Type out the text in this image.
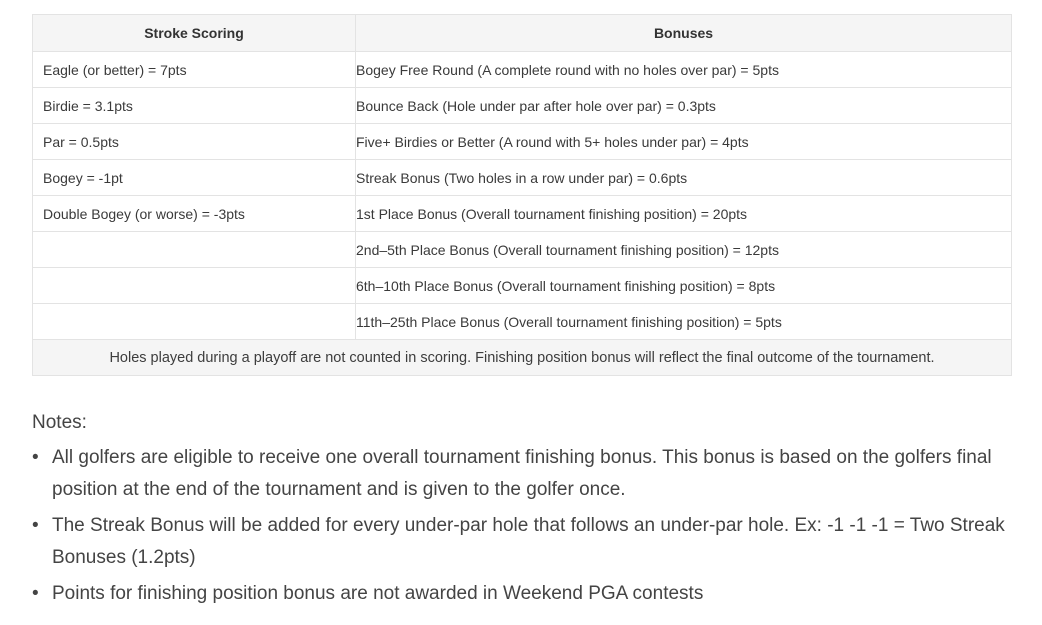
Stroke Scoring	Bonuses
Eagle (or better) = 7pts	Bogey Free Round (A complete round with no holes over par) = 5pts
Birdie = 3.1pts	Bounce Back (Hole under par after hole over par) = 0.3pts
Par = 0.5pts	Five+ Birdies or Better (A round with 5+ holes under par) = 4pts
Bogey = -1pt	Streak Bonus (Two holes in a row under par) = 0.6pts
Double Bogey (or worse) = -3pts	1st Place Bonus (Overall tournament finishing position) = 20pts
	2nd–5th Place Bonus (Overall tournament finishing position) = 12pts
	6th–10th Place Bonus (Overall tournament finishing position) = 8pts
	11th–25th Place Bonus (Overall tournament finishing position) = 5pts
Holes played during a playoff are not counted in scoring. Finishing position bonus will reflect the final outcome of the tournament.	
Notes:
• All golfers are eligible to receive one overall tournament finishing bonus. This bonus is based on the golfers final position at the end of the tournament and is given to the golfer once.
• The Streak Bonus will be added for every under-par hole that follows an under-par hole. Ex: -1 -1 -1 = Two Streak Bonuses (1.2pts)
• Points for finishing position bonus are not awarded in Weekend PGA contests
